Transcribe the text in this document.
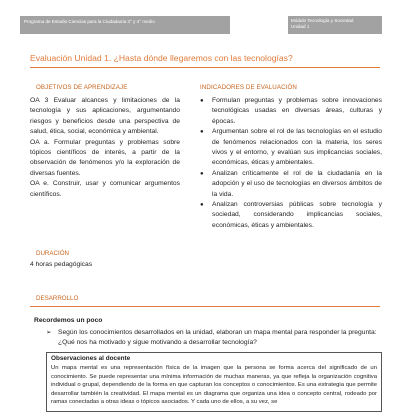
Programa de Estudio Ciencias para la Ciudadanía 3° y 4° medio	Módulo Tecnología y Sociedad
Unidad 1
Evaluación Unidad 1. ¿Hasta dónde llegaremos con las tecnologías?
OBJETIVOS DE APRENDIZAJE	INDICADORES DE EVALUACIÓN

OA 3 Evaluar alcances y limitaciones de la tecnología y sus aplicaciones, argumentando riesgos y beneficios desde una perspectiva de salud, ética, social, económica y ambiental.

OA a. Formular preguntas y problemas sobre tópicos científicos de interés, a partir de la observación de fenómenos y/o la exploración de diversas fuentes.

OA e. Construir, usar y comunicar argumentos científicos.

● Formulan preguntas y problemas sobre innovaciones tecnológicas usadas en diversas áreas, culturas y épocas.
● Argumentan sobre el rol de las tecnologías en el estudio de fenómenos relacionados con la materia, los seres vivos y el entorno, y evalúan sus implicancias sociales, económicas, éticas y ambientales.
● Analizan críticamente el rol de la ciudadanía en la adopción y el uso de tecnologías en diversos ámbitos de la vida.
● Analizan controversias públicas sobre tecnología y sociedad, considerando implicancias sociales, económicas, éticas y ambientales.
DURACIÓN
4 horas pedagógicas
DESARROLLO
Recordemos un poco
➢ Según los conocimientos desarrollados en la unidad, elaboran un mapa mental para responder la pregunta: ¿Qué nos ha motivado y sigue motivando a desarrollar tecnología?
Observaciones al docente
Un mapa mental es una representación física de la imagen que la persona se forma acerca del significado de un conocimiento. Se puede representar una mínima información de muchas maneras, ya que refleja la organización cognitiva individual o grupal, dependiendo de la forma en que capturan los conceptos o conocimientos. Es una estrategia que permite desarrollar también la creatividad. El mapa mental es un diagrama que organiza una idea o concepto central, rodeado por ramas conectadas a otras ideas o tópicos asociados. Y cada uno de ellos, a su vez, se
